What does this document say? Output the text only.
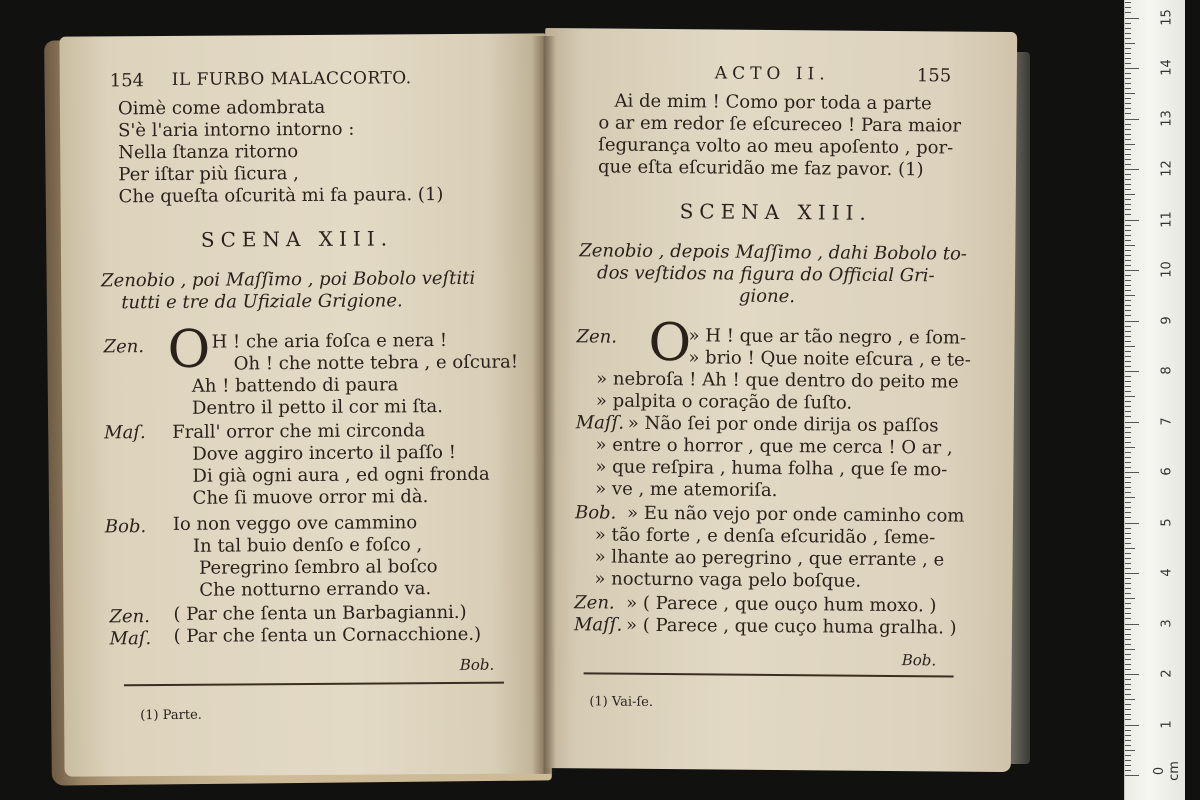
154 IL FURBO MALACCORTO.
Oimè come adombrata
S'è l'aria intorno intorno :
Nella ſtanza ritorno
Per iſtar più ſicura ,
Che queſta oſcurità mi fa paura. (1)
SCENA XIII.
Zenobio , poi Maſſimo , poi Bobolo veſtiti
tutti e tre da Ufiziale Grigione.
Zen. O H ! che aria foſca e nera !
Oh ! che notte tebra , e oſcura!
Ah ! battendo di paura
Dentro il petto il cor mi ſta.
Maſ. Frall' orror che mi circonda
Dove aggiro incerto il paſſo !
Di già ogni aura , ed ogni fronda
Che ſi muove orror mi dà.
Bob. Io non veggo ove cammino
In tal buio denſo e foſco ,
Peregrino ſembro al boſco
Che notturno errando va.
Zen. ( Par che ſenta un Barbagianni.)
Maſ. ( Par che ſenta un Cornacchione.)
Bob.
(1) Parte.
ACTO II.	155
Ai de mim ! Como por toda a parte
o ar em redor ſe eſcureceo ! Para maior
ſegurança volto ao meu apoſento , por-
que eſta eſcuridão me faz pavor. (1)
SCENA XIII.
Zenobio , depois Maſſimo , dahi Bobolo to-
dos veſtidos na figura do Official Gri-
gione.
Zen. O
» H ! que ar tão negro , e ſom-
» brio ! Que noite eſcura , e te-
» nebroſa ! Ah ! que dentro do peito me
» palpita o coração de ſuſto.
Maſſ. » Não ſei por onde dirija os paſſos
» entre o horror , que me cerca ! O ar ,
» que reſpira , huma folha , que ſe mo-
» ve , me atemoriſa.
Bob. » Eu não vejo por onde caminho com
» tão forte , e denſa eſcuridão , ſeme-
» lhante ao peregrino , que errante , e
» nocturno vaga pelo boſque.
Zen. » ( Parece , que ouço hum moxo. )
Maſſ. » ( Parece , que cuço huma gralha. )
Bob.
(1) Vai-ſe.
0 cm
1
2
3
4
5
6
7
8
9
10
11
12
13
14
15
